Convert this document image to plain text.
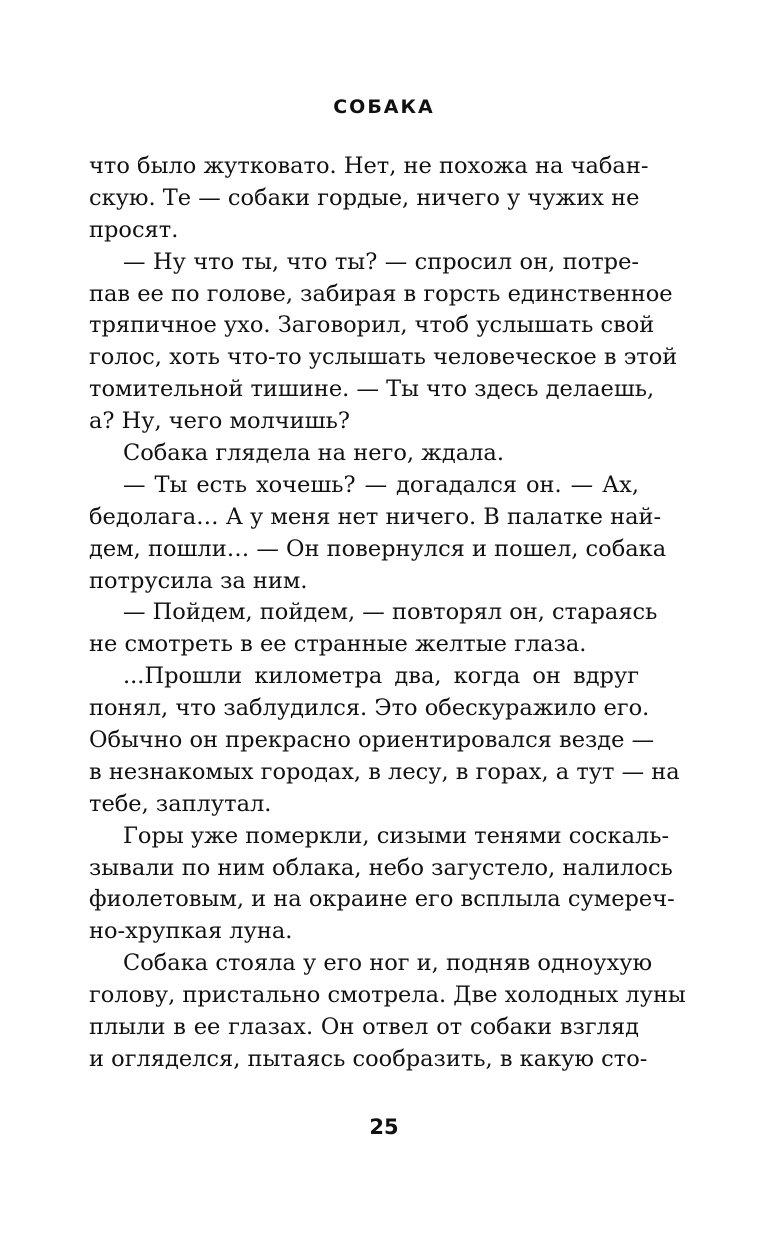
СОБАКА
что было жутковато. Нет, не похожа на чабан-
скую. Те — собаки гордые, ничего у чужих не
просят.
— Ну что ты, что ты? — спросил он, потре-
пав ее по голове, забирая в горсть единственное
тряпичное ухо. Заговорил, чтоб услышать свой
голос, хоть что-то услышать человеческое в этой
томительной тишине. — Ты что здесь делаешь,
а? Ну, чего молчишь?
Собака глядела на него, ждала.
— Ты есть хочешь? — догадался он. — Ах,
бедолага… А у меня нет ничего. В палатке най-
дем, пошли… — Он повернулся и пошел, собака
потрусила за ним.
— Пойдем, пойдем, — повторял он, стараясь
не смотреть в ее странные желтые глаза.
...Прошли километра два, когда он вдруг
понял, что заблудился. Это обескуражило его.
Обычно он прекрасно ориентировался везде —
в незнакомых городах, в лесу, в горах, а тут — на
тебе, заплутал.
Горы уже померкли, сизыми тенями соскаль-
зывали по ним облака, небо загустело, налилось
фиолетовым, и на окраине его всплыла сумереч-
но-хрупкая луна.
Собака стояла у его ног и, подняв одноухую
голову, пристально смотрела. Две холодных луны
плыли в ее глазах. Он отвел от собаки взгляд
и огляделся, пытаясь сообразить, в какую сто-
25
